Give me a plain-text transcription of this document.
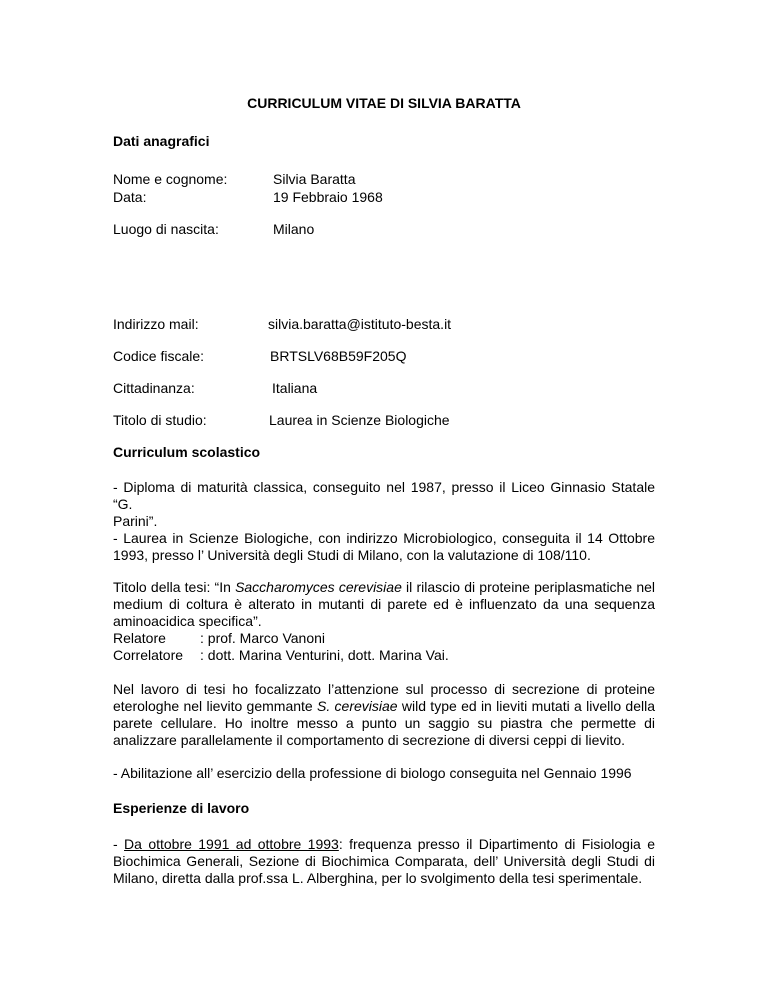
CURRICULUM VITAE DI SILVIA BARATTA
Dati anagrafici
Nome e cognome:	Silvia Baratta
Data:	19 Febbraio 1968
Luogo di nascita:	Milano
Indirizzo mail:	silvia.baratta@istituto-besta.it
Codice fiscale:	BRTSLV68B59F205Q
Cittadinanza:	Italiana
Titolo di studio:	Laurea in Scienze Biologiche
Curriculum scolastico
- Diploma di maturità classica, conseguito nel 1987, presso il Liceo Ginnasio Statale “G.
Parini”.
- Laurea in Scienze Biologiche, con indirizzo Microbiologico, conseguita il 14 Ottobre
1993, presso l’ Università degli Studi di Milano, con la valutazione di 108/110.
Titolo della tesi: “In Saccharomyces cerevisiae il rilascio di proteine periplasmatiche nel
medium di coltura è alterato in mutanti di parete ed è influenzato da una sequenza
aminoacidica specifica”.
Relatore : prof. Marco Vanoni
Correlatore : dott. Marina Venturini, dott. Marina Vai.
Nel lavoro di tesi ho focalizzato l’attenzione sul processo di secrezione di proteine
eterologhe nel lievito gemmante S. cerevisiae wild type ed in lieviti mutati a livello della
parete cellulare. Ho inoltre messo a punto un saggio su piastra che permette di
analizzare parallelamente il comportamento di secrezione di diversi ceppi di lievito.
- Abilitazione all’ esercizio della professione di biologo conseguita nel Gennaio 1996
Esperienze di lavoro
- Da ottobre 1991 ad ottobre 1993: frequenza presso il Dipartimento di Fisiologia e
Biochimica Generali, Sezione di Biochimica Comparata, dell’ Università degli Studi di
Milano, diretta dalla prof.ssa L. Alberghina, per lo svolgimento della tesi sperimentale.
